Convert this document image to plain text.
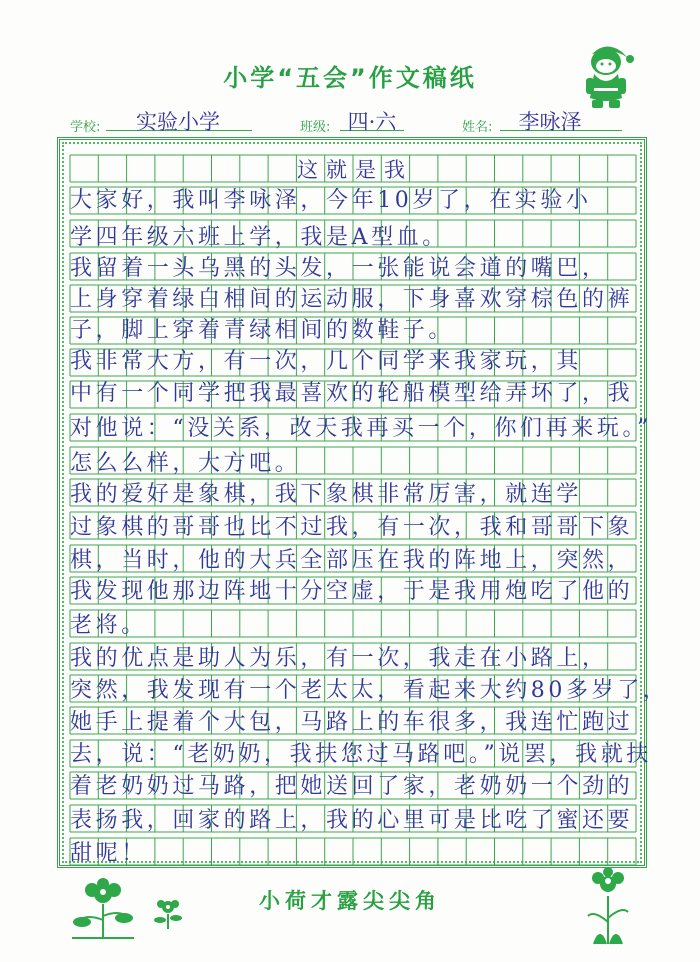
小学“五会”作文稿纸
学校:	实验小学	班级: 四·六	姓名:	李咏泽
这就是我
大家好，我叫李咏泽，今年10岁了，在实验小
学四年级六班上学，我是A型血。
我留着一头乌黑的头发，一张能说会道的嘴巴，
上身穿着绿白相间的运动服，下身喜欢穿棕色的裤
子，脚上穿着青绿相间的数鞋子。
我非常大方，有一次，几个同学来我家玩，其
中有一个同学把我最喜欢的轮船模型给弄坏了，我
对他说：“没关系，改天我再买一个，你们再来玩。”
怎么么样，大方吧。
我的爱好是象棋，我下象棋非常厉害，就连学
过象棋的哥哥也比不过我，有一次，我和哥哥下象
棋，当时，他的大兵全部压在我的阵地上，突然，
我发现他那边阵地十分空虚，于是我用炮吃了他的
老将。
我的优点是助人为乐，有一次，我走在小路上，
突然，我发现有一个老太太，看起来大约80多岁了，
她手上提着个大包，马路上的车很多，我连忙跑过
去，说：“老奶奶，我扶您过马路吧。”说罢，我就扶
着老奶奶过马路，把她送回了家，老奶奶一个劲的
表扬我，回家的路上，我的心里可是比吃了蜜还要
甜呢！
小荷才露尖尖角
